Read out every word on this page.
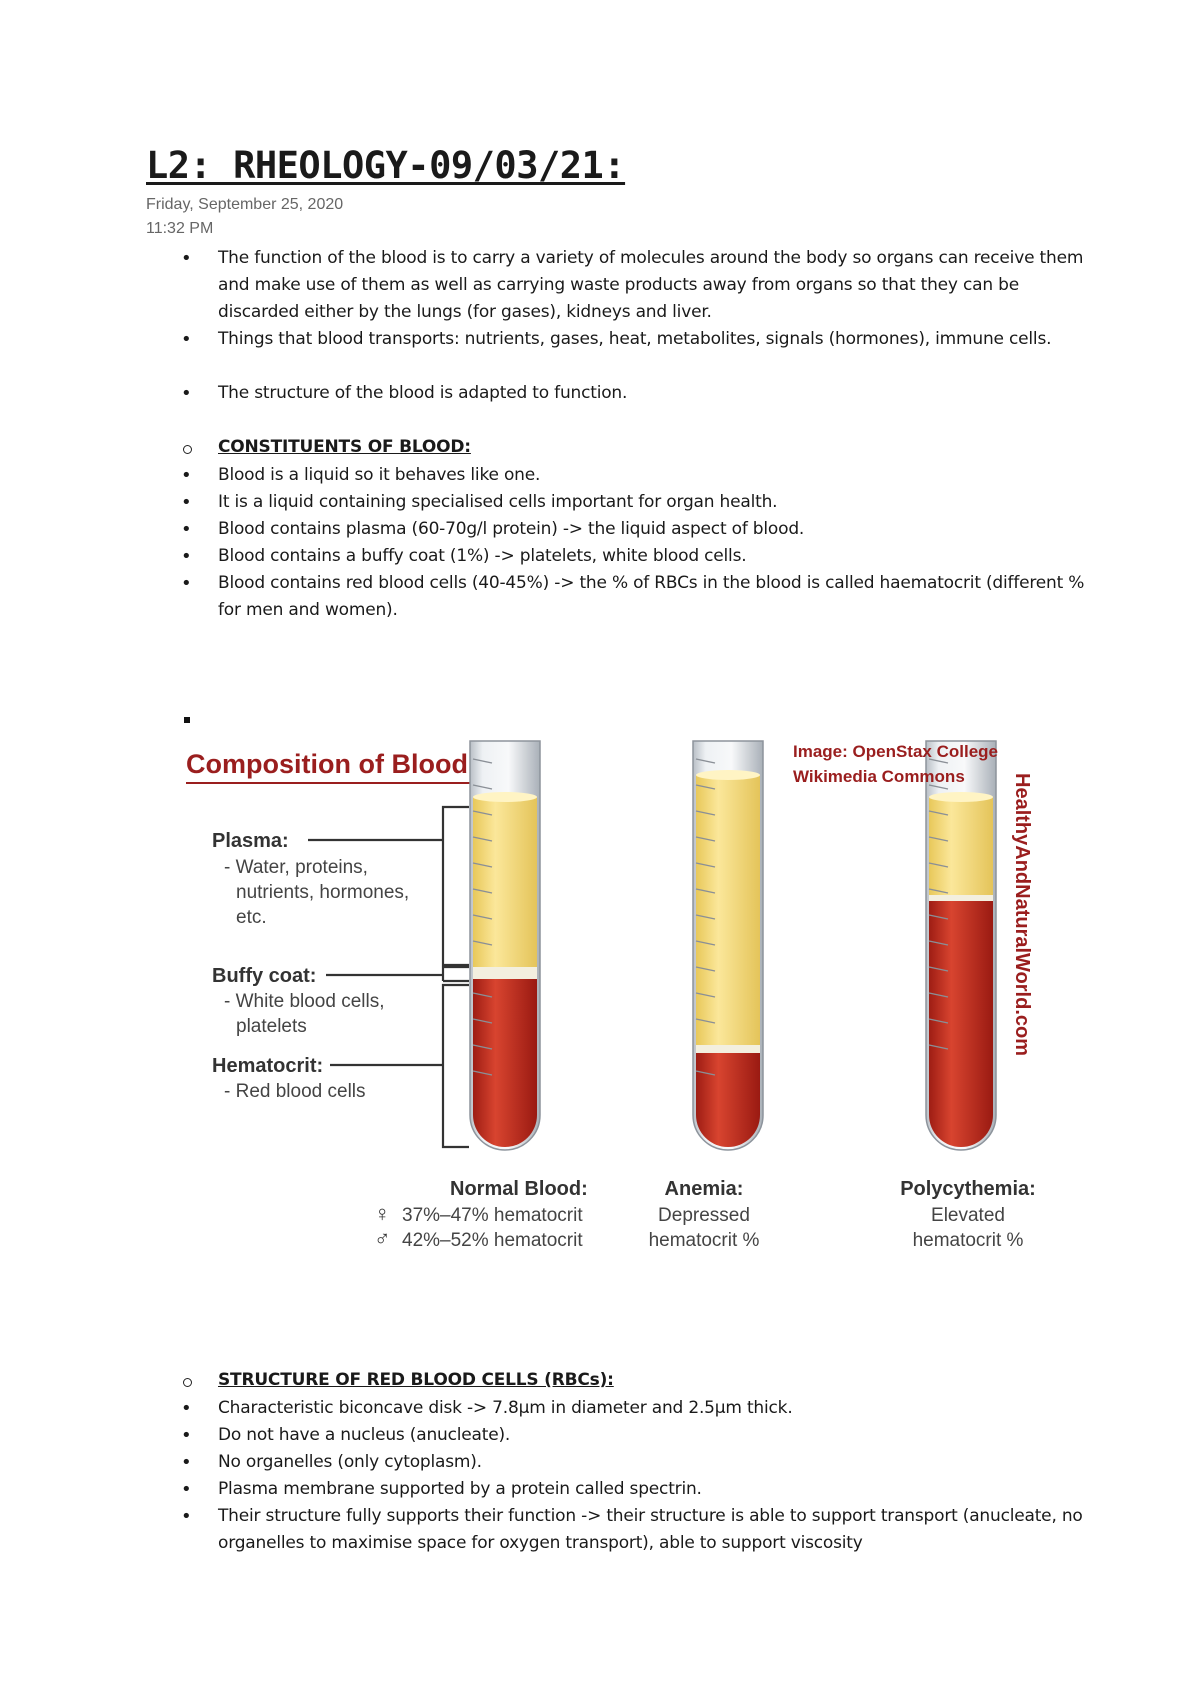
L2: RHEOLOGY-09/03/21:
Friday, September 25, 2020
11:32 PM
• The function of the blood is to carry a variety of molecules around the body so organs can receive them and make use of them as well as carrying waste products away from organs so that they can be discarded either by the lungs (for gases), kidneys and liver.

• Things that blood transports: nutrients, gases, heat, metabolites, signals (hormones), immune cells.

• The structure of the blood is adapted to function.

CONSTITUENTS OF BLOOD:

• Blood is a liquid so it behaves like one.

• It is a liquid containing specialised cells important for organ health.

• Blood contains plasma (60-70g/l protein) -> the liquid aspect of blood.

• Blood contains a buffy coat (1%) -> platelets, white blood cells.

• Blood contains red blood cells (40-45%) -> the % of RBCs in the blood is called haematocrit (different % for men and women).

Composition of Blood
Plasma:
- Water, proteins,
nutrients, hormones,
etc.
Buffy coat:
- White blood cells,
platelets
Hematocrit:
- Red blood cells
Image: OpenStax College
Wikimedia Commons HealthyAndNaturalWorld.com
Normal Blood:
♀ 37%–47% hematocrit
♂ 42%–52% hematocrit
Anemia:
Depressed
hematocrit %
Polycythemia:
Elevated
hematocrit %

STRUCTURE OF RED BLOOD CELLS (RBCs):

• Characteristic biconcave disk -> 7.8µm in diameter and 2.5µm thick.

• Do not have a nucleus (anucleate).

• No organelles (only cytoplasm).

• Plasma membrane supported by a protein called spectrin.

• Their structure fully supports their function -> their structure is able to support transport (anucleate, no organelles to maximise space for oxygen transport), able to support viscosity
